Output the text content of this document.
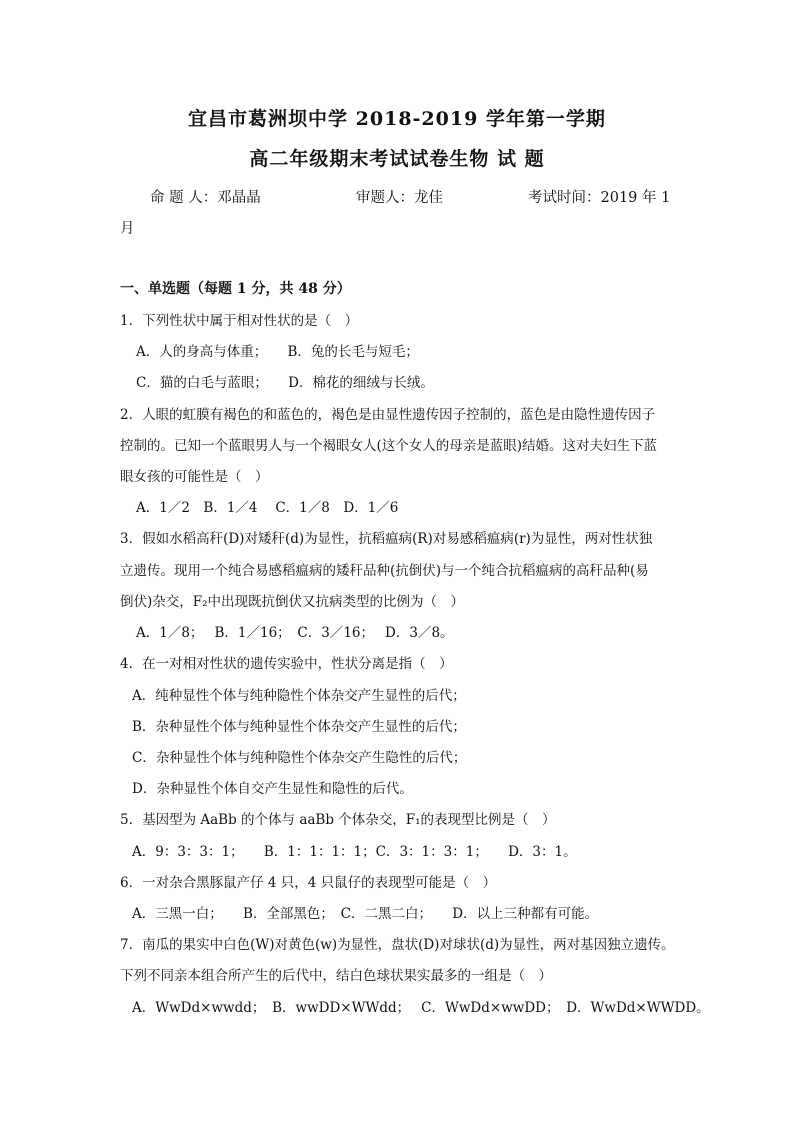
宜昌市葛洲坝中学 2018-2019 学年第一学期
高二年级期末考试试卷生物 试 题
命 题 人：邓晶晶	审题人：龙佳	考试时间：2019 年 1
月
一、单选题（每题 1 分，共 48 分）
1．下列性状中属于相对性状的是（　）
A．人的身高与体重；　　B．兔的长毛与短毛；
C．猫的白毛与蓝眼；　　D．棉花的细绒与长绒。
2．人眼的虹膜有褐色的和蓝色的，褐色是由显性遗传因子控制的，蓝色是由隐性遗传因子
控制的。已知一个蓝眼男人与一个褐眼女人(这个女人的母亲是蓝眼)结婚。这对夫妇生下蓝
眼女孩的可能性是（　）
A．1／2　B．1／4　 C．1／8　D．1／6
3．假如水稻高秆(D)对矮秆(d)为显性，抗稻瘟病(R)对易感稻瘟病(r)为显性，两对性状独
立遗传。现用一个纯合易感稻瘟病的矮秆品种(抗倒伏)与一个纯合抗稻瘟病的高秆品种(易
倒伏)杂交，F₂中出现既抗倒伏又抗病类型的比例为（　）
A．1／8；　 B．1／16；　C．3／16；　 D．3／8。
4．在一对相对性状的遗传实验中，性状分离是指（　）
A．纯种显性个体与纯种隐性个体杂交产生显性的后代；
B．杂种显性个体与纯种显性个体杂交产生显性的后代；
C．杂种显性个体与纯种隐性个体杂交产生隐性的后代；
D．杂种显性个体自交产生显性和隐性的后代。
5．基因型为 AaBb 的个体与 aaBb 个体杂交，F₁的表现型比例是（　）
A．9：3：3：1；　　B．1：1：1：1；C．3：1：3：1；　　D．3：1。
6．一对杂合黑豚鼠产仔 4 只，4 只鼠仔的表现型可能是（　）
A．三黑一白；　　B．全部黑色；　C．二黑二白；　　D．以上三种都有可能。
7．南瓜的果实中白色(W)对黄色(w)为显性，盘状(D)对球状(d)为显性，两对基因独立遗传。
下列不同亲本组合所产生的后代中，结白色球状果实最多的一组是（　）
A．WwDd×wwdd；　B．wwDD×WWdd；　 C．WwDd×wwDD；　D．WwDd×WWDD。
